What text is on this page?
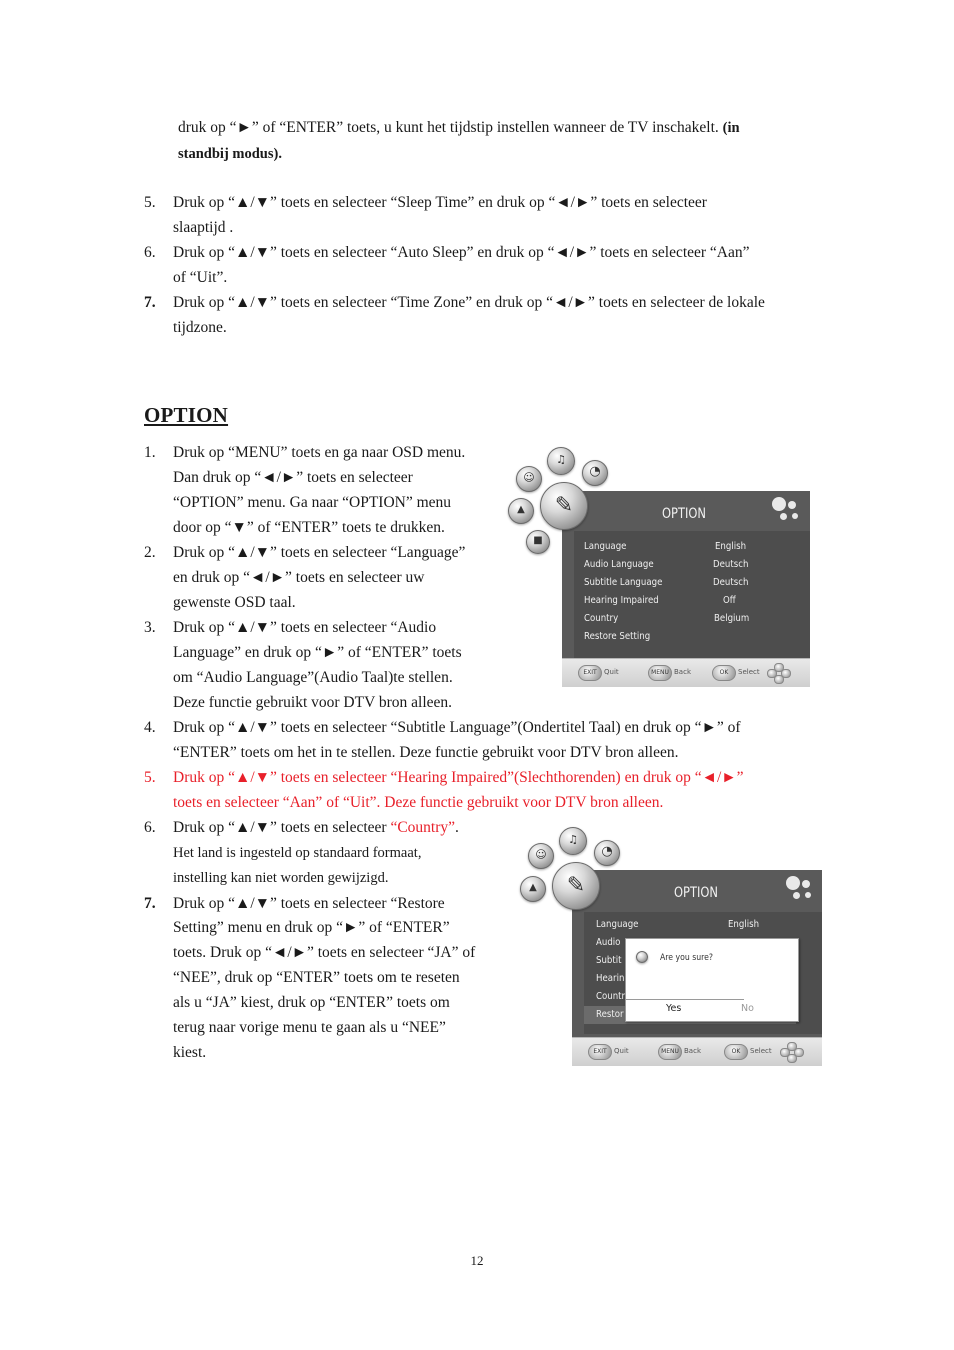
druk op “►” of “ENTER” toets, u kunt het tijdstip instellen wanneer de TV inschakelt. (in
standbij modus).
5. Druk op “▲/▼” toets en selecteer “Sleep Time” en druk op “◄/►” toets en selecteer
slaaptijd .
6. Druk op “▲/▼” toets en selecteer “Auto Sleep” en druk op “◄/►” toets en selecteer “Aan”
of “Uit”.
7. Druk op “▲/▼” toets en selecteer “Time Zone” en druk op “◄/►” toets en selecteer de lokale
tijdzone.
OPTION
1. Druk op “MENU” toets en ga naar OSD menu.
Dan druk op “◄/►” toets en selecteer
“OPTION” menu. Ga naar “OPTION” menu
door op “▼” of “ENTER” toets te drukken.
2. Druk op “▲/▼” toets en selecteer “Language”
en druk op “◄/►” toets en selecteer uw
gewenste OSD taal.
3. Druk op “▲/▼” toets en selecteer “Audio
Language” en druk op “►” of “ENTER” toets
om “Audio Language”(Audio Taal)te stellen.
Deze functie gebruikt voor DTV bron alleen.
4. Druk op “▲/▼” toets en selecteer “Subtitle Language”(Ondertitel Taal) en druk op “►” of
“ENTER” toets om het in te stellen. Deze functie gebruikt voor DTV bron alleen.
5. Druk op “▲/▼” toets en selecteer “Hearing Impaired”(Slechthorenden) en druk op “◄/►”
toets en selecteer “Aan” of “Uit”. Deze functie gebruikt voor DTV bron alleen.
6. Druk op “▲/▼” toets en selecteer “Country”.
Het land is ingesteld op standaard formaat,
instelling kan niet worden gewijzigd.
7. Druk op “▲/▼” toets en selecteer “Restore
Setting” menu en druk op “►” of “ENTER”
toets. Druk op “◄/►” toets en selecteer “JA” of
“NEE”, druk op “ENTER” toets om te reseten
als u “JA” kiest, druk op “ENTER” toets om
terug naar vorige menu te gaan als u “NEE”
kiest.
☺
♫
◔
▲
■
OPTION
Language	English
Audio Language	Deutsch
Subtitle Language	Deutsch
Hearing Impaired	Off
Country	Belgium
Restore Setting
EXIT	Quit	MENU Back	OK	Select
✎
☺
♫
◔
▲	OPTION
Language	English
Audio
Subtit
Hearin
Countr
Restor
Are you sure?
Yes	No
EXIT	Quit	MENU Back	OK	Select
✎
12
